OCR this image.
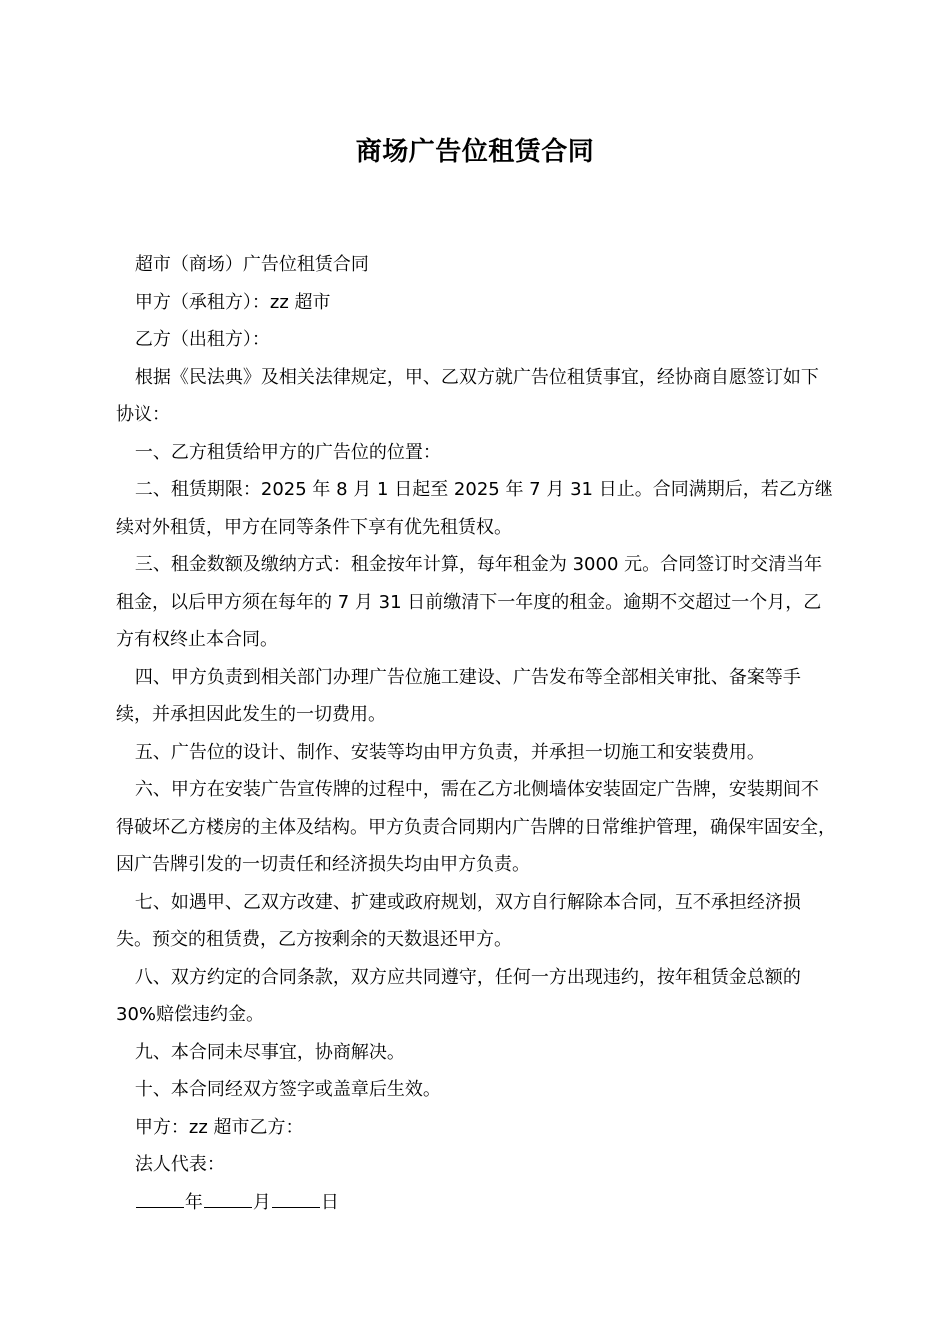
商场广告位租赁合同

超市（商场）广告位租赁合同

甲方（承租方）：zz 超市

乙方（出租方）：

根据《民法典》及相关法律规定，甲、乙双方就广告位租赁事宜，经协商自愿签订如下协议：

一、乙方租赁给甲方的广告位的位置：

二、租赁期限：2025 年 8 月 1 日起至 2025 年 7 月 31 日止。合同满期后，若乙方继续对外租赁，甲方在同等条件下享有优先租赁权。

三、租金数额及缴纳方式：租金按年计算，每年租金为 3000 元。合同签订时交清当年租金，以后甲方须在每年的 7 月 31 日前缴清下一年度的租金。逾期不交超过一个月，乙方有权终止本合同。

四、甲方负责到相关部门办理广告位施工建设、广告发布等全部相关审批、备案等手续，并承担因此发生的一切费用。

五、广告位的设计、制作、安装等均由甲方负责，并承担一切施工和安装费用。

六、甲方在安装广告宣传牌的过程中，需在乙方北侧墙体安装固定广告牌，安装期间不得破坏乙方楼房的主体及结构。甲方负责合同期内广告牌的日常维护管理，确保牢固安全，因广告牌引发的一切责任和经济损失均由甲方负责。

七、如遇甲、乙双方改建、扩建或政府规划，双方自行解除本合同，互不承担经济损失。预交的租赁费，乙方按剩余的天数退还甲方。

八、双方约定的合同条款，双方应共同遵守，任何一方出现违约，按年租赁金总额的 30%赔偿违约金。

九、本合同未尽事宜，协商解决。

十、本合同经双方签字或盖章后生效。

甲方：zz 超市乙方：

法人代表：

年	月	日
